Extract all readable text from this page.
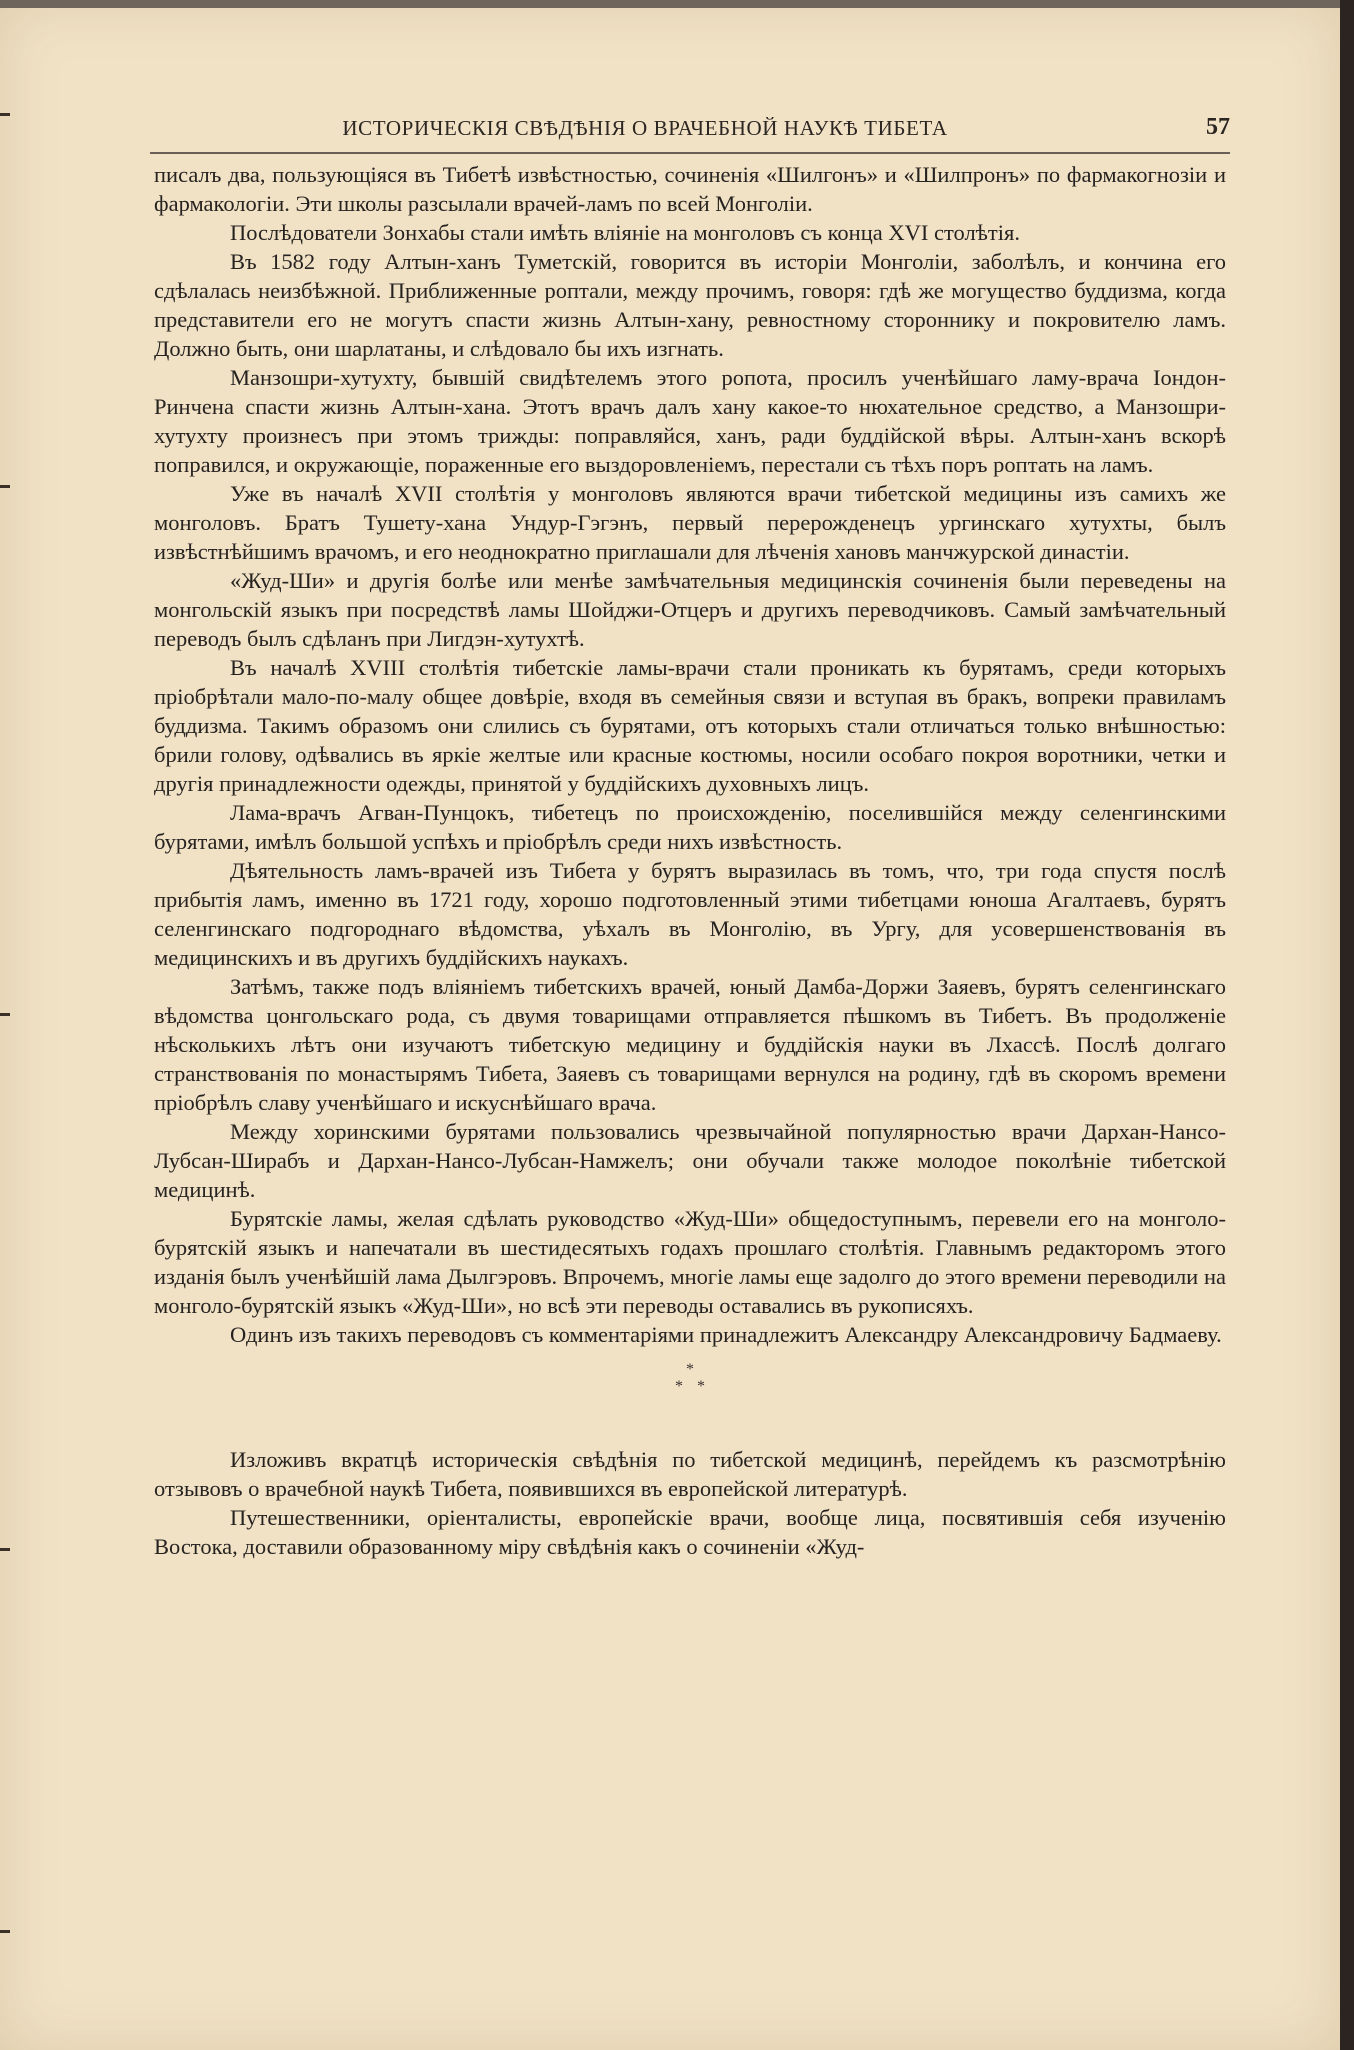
ИСТОРИЧЕСКІЯ СВѢДѢНІЯ О ВРАЧЕБНОЙ НАУКѢ ТИБЕТА	57

писалъ два, пользующіяся въ Тибетѣ извѣстностью, сочиненія «Шилгонъ» и «Шилпронъ» по фармакогнозіи и фармакологіи. Эти школы разсылали врачей-ламъ по всей Монголіи.

Послѣдователи Зонхабы стали имѣть вліяніе на монголовъ съ конца XVI столѣтія.

Въ 1582 году Алтын-ханъ Туметскій, говорится въ исторіи Монголіи, заболѣлъ, и кончина его сдѣлалась неизбѣжной. Приближенные роптали, между прочимъ, говоря: гдѣ же могущество буддизма, когда представители его не могутъ спасти жизнь Алтын-хану, ревностному стороннику и покровителю ламъ. Должно быть, они шарлатаны, и слѣдовало бы ихъ изгнать.

Манзошри-хутухту, бывшій свидѣтелемъ этого ропота, просилъ ученѣйшаго ламу-врача Іондон-Ринчена спасти жизнь Алтын-хана. Этотъ врачъ далъ хану какое-то нюхательное средство, а Манзошри-хутухту произнесъ при этомъ трижды: поправляйся, ханъ, ради буддійской вѣры. Алтын-ханъ вскорѣ поправился, и окружающіе, пораженные его выздоровленіемъ, перестали съ тѣхъ поръ роптать на ламъ.

Уже въ началѣ XVII столѣтія у монголовъ являются врачи тибетской медицины изъ самихъ же монголовъ. Братъ Тушету-хана Ундур-Гэгэнъ, первый перерожденецъ ургинскаго хутухты, былъ извѣстнѣйшимъ врачомъ, и его неоднократно приглашали для лѣченія хановъ манчжурской династіи.

«Жуд-Ши» и другія болѣе или менѣе замѣчательныя медицинскія сочиненія были переведены на монгольскій языкъ при посредствѣ ламы Шойджи-Отцеръ и другихъ переводчиковъ. Самый замѣчательный переводъ былъ сдѣланъ при Лигдэн-хутухтѣ.

Въ началѣ XVIII столѣтія тибетскіе ламы-врачи стали проникать къ бурятамъ, среди которыхъ пріобрѣтали мало-по-малу общее довѣріе, входя въ семейныя связи и вступая въ бракъ, вопреки правиламъ буддизма. Такимъ образомъ они слились съ бурятами, отъ которыхъ стали отличаться только внѣшностью: брили голову, одѣвались въ яркіе желтые или красные костюмы, носили особаго покроя воротники, четки и другія принадлежности одежды, принятой у буддійскихъ духовныхъ лицъ.

Лама-врачъ Агван-Пунцокъ, тибетецъ по происхожденію, поселившійся между селенгинскими бурятами, имѣлъ большой успѣхъ и пріобрѣлъ среди нихъ извѣстность.

Дѣятельность ламъ-врачей изъ Тибета у бурятъ выразилась въ томъ, что, три года спустя послѣ прибытія ламъ, именно въ 1721 году, хорошо подготовленный этими тибетцами юноша Агалтаевъ, бурятъ селенгинскаго подгороднаго вѣдомства, уѣхалъ въ Монголію, въ Ургу, для усовершенствованія въ медицинскихъ и въ другихъ буддійскихъ наукахъ.

Затѣмъ, также подъ вліяніемъ тибетскихъ врачей, юный Дамба-Доржи Заяевъ, бурятъ селенгинскаго вѣдомства цонгольскаго рода, съ двумя товарищами отправляется пѣшкомъ въ Тибетъ. Въ продолженіе нѣсколькихъ лѣтъ они изучаютъ тибетскую медицину и буддійскія науки въ Лхассѣ. Послѣ долгаго странствованія по монастырямъ Тибета, Заяевъ съ товарищами вернулся на родину, гдѣ въ скоромъ времени пріобрѣлъ славу ученѣйшаго и искуснѣйшаго врача.

Между хоринскими бурятами пользовались чрезвычайной популярностью врачи Дархан-Нансо-Лубсан-Ширабъ и Дархан-Нансо-Лубсан-Намжелъ; они обучали также молодое поколѣніе тибетской медицинѣ.

Бурятскіе ламы, желая сдѣлать руководство «Жуд-Ши» общедоступнымъ, перевели его на монголо-бурятскій языкъ и напечатали въ шестидесятыхъ годахъ прошлаго столѣтія. Главнымъ редакторомъ этого изданія былъ ученѣйшій лама Дылгэровъ. Впрочемъ, многіе ламы еще задолго до этого времени переводили на монголо-бурятскій языкъ «Жуд-Ши», но всѣ эти переводы оставались въ рукописяхъ.

Одинъ изъ такихъ переводовъ съ комментаріями принадлежитъ Александру Александровичу Бадмаеву.

*
**

Изложивъ вкратцѣ историческія свѣдѣнія по тибетской медицинѣ, перейдемъ къ разсмотрѣнію отзывовъ о врачебной наукѣ Тибета, появившихся въ европейской литературѣ.

Путешественники, оріенталисты, европейскіе врачи, вообще лица, посвятившія себя изученію Востока, доставили образованному міру свѣдѣнія какъ о сочиненіи «Жуд-
